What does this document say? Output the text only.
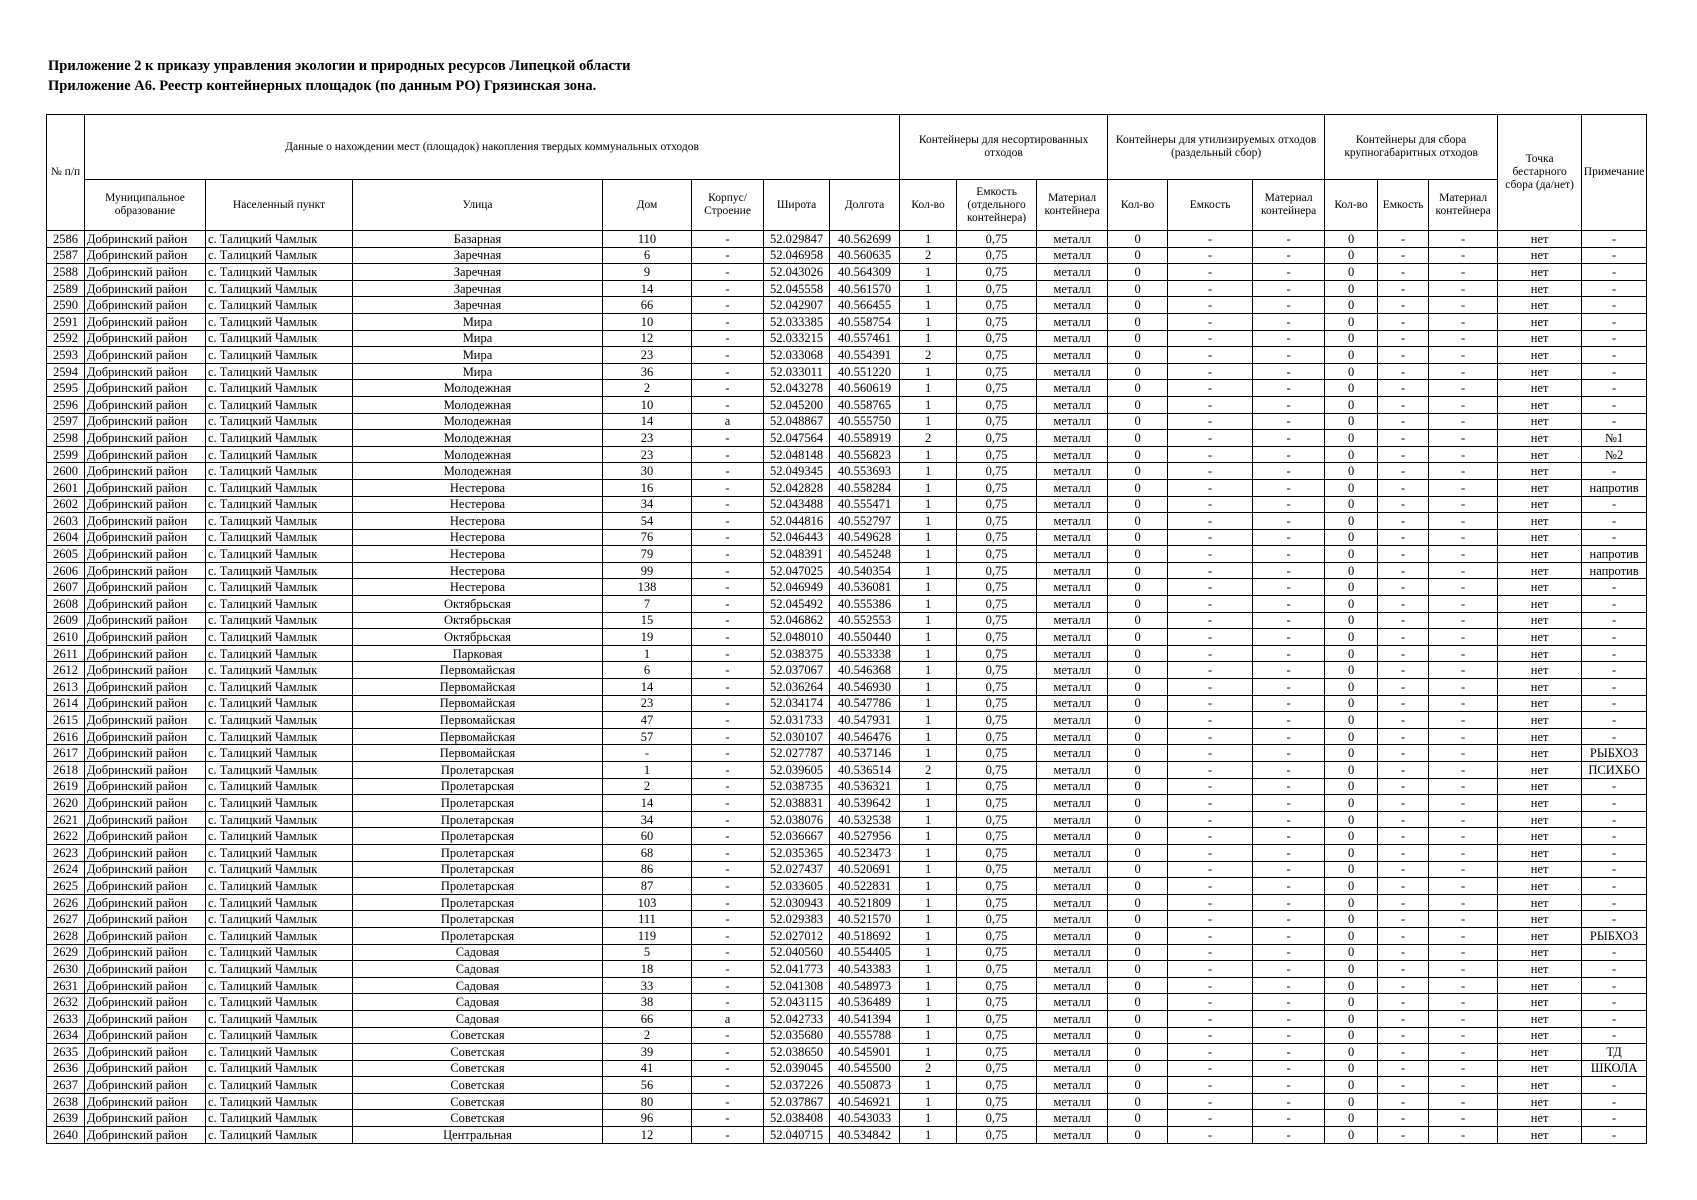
Приложение 2 к приказу управления экологии и природных ресурсов Липецкой области
Приложение А6. Реестр контейнерных площадок (по данным РО) Грязинская зона.
№ п/п	Данные о нахождении мест (площадок) накопления твердых коммунальных отходов							Контейнеры для несортированных отходов			Контейнеры для утилизируемых отходов (раздельный сбор)			Контейнеры для сбора крупногабаритных отходов			Точка бестарного сбора (да/нет)	Примечание
	Муниципальное образование	Населенный пункт	Улица	Дом	Корпус/ Строение	Широта	Долгота	Кол-во	Емкость (отдельного контейнера)	Материал контейнера	Кол-во	Емкость	Материал контейнера	Кол-во	Емкость	Материал контейнера		
2586	Добринский район	с. Талицкий Чамлык	Базарная	110	-	52.029847	40.562699	1	0,75	металл	0	-	-	0	-	-	нет	-
2587	Добринский район	с. Талицкий Чамлык	Заречная	6	-	52.046958	40.560635	2	0,75	металл	0	-	-	0	-	-	нет	-
2588	Добринский район	с. Талицкий Чамлык	Заречная	9	-	52.043026	40.564309	1	0,75	металл	0	-	-	0	-	-	нет	-
2589	Добринский район	с. Талицкий Чамлык	Заречная	14	-	52.045558	40.561570	1	0,75	металл	0	-	-	0	-	-	нет	-
2590	Добринский район	с. Талицкий Чамлык	Заречная	66	-	52.042907	40.566455	1	0,75	металл	0	-	-	0	-	-	нет	-
2591	Добринский район	с. Талицкий Чамлык	Мира	10	-	52.033385	40.558754	1	0,75	металл	0	-	-	0	-	-	нет	-
2592	Добринский район	с. Талицкий Чамлык	Мира	12	-	52.033215	40.557461	1	0,75	металл	0	-	-	0	-	-	нет	-
2593	Добринский район	с. Талицкий Чамлык	Мира	23	-	52.033068	40.554391	2	0,75	металл	0	-	-	0	-	-	нет	-
2594	Добринский район	с. Талицкий Чамлык	Мира	36	-	52.033011	40.551220	1	0,75	металл	0	-	-	0	-	-	нет	-
2595	Добринский район	с. Талицкий Чамлык	Молодежная	2	-	52.043278	40.560619	1	0,75	металл	0	-	-	0	-	-	нет	-
2596	Добринский район	с. Талицкий Чамлык	Молодежная	10	-	52.045200	40.558765	1	0,75	металл	0	-	-	0	-	-	нет	-
2597	Добринский район	с. Талицкий Чамлык	Молодежная	14	а	52.048867	40.555750	1	0,75	металл	0	-	-	0	-	-	нет	-
2598	Добринский район	с. Талицкий Чамлык	Молодежная	23	-	52.047564	40.558919	2	0,75	металл	0	-	-	0	-	-	нет	№1
2599	Добринский район	с. Талицкий Чамлык	Молодежная	23	-	52.048148	40.556823	1	0,75	металл	0	-	-	0	-	-	нет	№2
2600	Добринский район	с. Талицкий Чамлык	Молодежная	30	-	52.049345	40.553693	1	0,75	металл	0	-	-	0	-	-	нет	-
2601	Добринский район	с. Талицкий Чамлык	Нестерова	16	-	52.042828	40.558284	1	0,75	металл	0	-	-	0	-	-	нет	напротив
2602	Добринский район	с. Талицкий Чамлык	Нестерова	34	-	52.043488	40.555471	1	0,75	металл	0	-	-	0	-	-	нет	-
2603	Добринский район	с. Талицкий Чамлык	Нестерова	54	-	52.044816	40.552797	1	0,75	металл	0	-	-	0	-	-	нет	-
2604	Добринский район	с. Талицкий Чамлык	Нестерова	76	-	52.046443	40.549628	1	0,75	металл	0	-	-	0	-	-	нет	-
2605	Добринский район	с. Талицкий Чамлык	Нестерова	79	-	52.048391	40.545248	1	0,75	металл	0	-	-	0	-	-	нет	напротив
2606	Добринский район	с. Талицкий Чамлык	Нестерова	99	-	52.047025	40.540354	1	0,75	металл	0	-	-	0	-	-	нет	напротив
2607	Добринский район	с. Талицкий Чамлык	Нестерова	138	-	52.046949	40.536081	1	0,75	металл	0	-	-	0	-	-	нет	-
2608	Добринский район	с. Талицкий Чамлык	Октябрьская	7	-	52.045492	40.555386	1	0,75	металл	0	-	-	0	-	-	нет	-
2609	Добринский район	с. Талицкий Чамлык	Октябрьская	15	-	52.046862	40.552553	1	0,75	металл	0	-	-	0	-	-	нет	-
2610	Добринский район	с. Талицкий Чамлык	Октябрьская	19	-	52.048010	40.550440	1	0,75	металл	0	-	-	0	-	-	нет	-
2611	Добринский район	с. Талицкий Чамлык	Парковая	1	-	52.038375	40.553338	1	0,75	металл	0	-	-	0	-	-	нет	-
2612	Добринский район	с. Талицкий Чамлык	Первомайская	6	-	52.037067	40.546368	1	0,75	металл	0	-	-	0	-	-	нет	-
2613	Добринский район	с. Талицкий Чамлык	Первомайская	14	-	52.036264	40.546930	1	0,75	металл	0	-	-	0	-	-	нет	-
2614	Добринский район	с. Талицкий Чамлык	Первомайская	23	-	52.034174	40.547786	1	0,75	металл	0	-	-	0	-	-	нет	-
2615	Добринский район	с. Талицкий Чамлык	Первомайская	47	-	52.031733	40.547931	1	0,75	металл	0	-	-	0	-	-	нет	-
2616	Добринский район	с. Талицкий Чамлык	Первомайская	57	-	52.030107	40.546476	1	0,75	металл	0	-	-	0	-	-	нет	-
2617	Добринский район	с. Талицкий Чамлык	Первомайская	-	-	52.027787	40.537146	1	0,75	металл	0	-	-	0	-	-	нет	РЫБХОЗ
2618	Добринский район	с. Талицкий Чамлык	Пролетарская	1	-	52.039605	40.536514	2	0,75	металл	0	-	-	0	-	-	нет	ПСИХБО
2619	Добринский район	с. Талицкий Чамлык	Пролетарская	2	-	52.038735	40.536321	1	0,75	металл	0	-	-	0	-	-	нет	-
2620	Добринский район	с. Талицкий Чамлык	Пролетарская	14	-	52.038831	40.539642	1	0,75	металл	0	-	-	0	-	-	нет	-
2621	Добринский район	с. Талицкий Чамлык	Пролетарская	34	-	52.038076	40.532538	1	0,75	металл	0	-	-	0	-	-	нет	-
2622	Добринский район	с. Талицкий Чамлык	Пролетарская	60	-	52.036667	40.527956	1	0,75	металл	0	-	-	0	-	-	нет	-
2623	Добринский район	с. Талицкий Чамлык	Пролетарская	68	-	52.035365	40.523473	1	0,75	металл	0	-	-	0	-	-	нет	-
2624	Добринский район	с. Талицкий Чамлык	Пролетарская	86	-	52.027437	40.520691	1	0,75	металл	0	-	-	0	-	-	нет	-
2625	Добринский район	с. Талицкий Чамлык	Пролетарская	87	-	52.033605	40.522831	1	0,75	металл	0	-	-	0	-	-	нет	-
2626	Добринский район	с. Талицкий Чамлык	Пролетарская	103	-	52.030943	40.521809	1	0,75	металл	0	-	-	0	-	-	нет	-
2627	Добринский район	с. Талицкий Чамлык	Пролетарская	111	-	52.029383	40.521570	1	0,75	металл	0	-	-	0	-	-	нет	-
2628	Добринский район	с. Талицкий Чамлык	Пролетарская	119	-	52.027012	40.518692	1	0,75	металл	0	-	-	0	-	-	нет	РЫБХОЗ
2629	Добринский район	с. Талицкий Чамлык	Садовая	5	-	52.040560	40.554405	1	0,75	металл	0	-	-	0	-	-	нет	-
2630	Добринский район	с. Талицкий Чамлык	Садовая	18	-	52.041773	40.543383	1	0,75	металл	0	-	-	0	-	-	нет	-
2631	Добринский район	с. Талицкий Чамлык	Садовая	33	-	52.041308	40.548973	1	0,75	металл	0	-	-	0	-	-	нет	-
2632	Добринский район	с. Талицкий Чамлык	Садовая	38	-	52.043115	40.536489	1	0,75	металл	0	-	-	0	-	-	нет	-
2633	Добринский район	с. Талицкий Чамлык	Садовая	66	а	52.042733	40.541394	1	0,75	металл	0	-	-	0	-	-	нет	-
2634	Добринский район	с. Талицкий Чамлык	Советская	2	-	52.035680	40.555788	1	0,75	металл	0	-	-	0	-	-	нет	-
2635	Добринский район	с. Талицкий Чамлык	Советская	39	-	52.038650	40.545901	1	0,75	металл	0	-	-	0	-	-	нет	ТД
2636	Добринский район	с. Талицкий Чамлык	Советская	41	-	52.039045	40.545500	2	0,75	металл	0	-	-	0	-	-	нет	ШКОЛА
2637	Добринский район	с. Талицкий Чамлык	Советская	56	-	52.037226	40.550873	1	0,75	металл	0	-	-	0	-	-	нет	-
2638	Добринский район	с. Талицкий Чамлык	Советская	80	-	52.037867	40.546921	1	0,75	металл	0	-	-	0	-	-	нет	-
2639	Добринский район	с. Талицкий Чамлык	Советская	96	-	52.038408	40.543033	1	0,75	металл	0	-	-	0	-	-	нет	-
2640	Добринский район	с. Талицкий Чамлык	Центральная	12	-	52.040715	40.534842	1	0,75	металл	0	-	-	0	-	-	нет	-
